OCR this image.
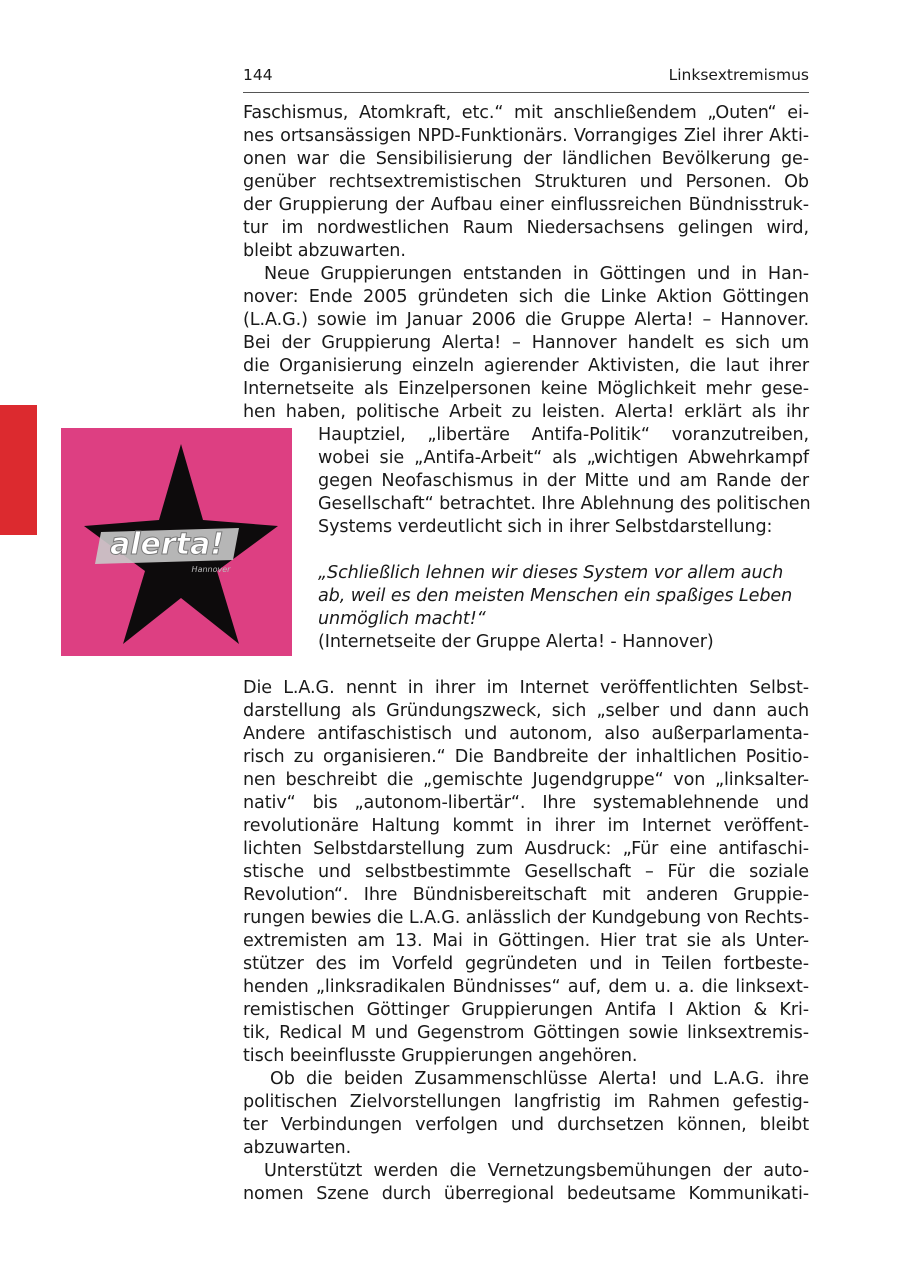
144	Linksextremismus
alerta!
Hannover
Faschismus, Atomkraft, etc.“ mit anschließendem „Outen“ ei-
nes ortsansässigen NPD-Funktionärs. Vorrangiges Ziel ihrer Akti-
onen war die Sensibilisierung der ländlichen Bevölkerung ge-
genüber rechtsextremistischen Strukturen und Personen. Ob
der Gruppierung der Aufbau einer einflussreichen Bündnisstruk-
tur im nordwestlichen Raum Niedersachsens gelingen wird,
bleibt abzuwarten.
Neue Gruppierungen entstanden in Göttingen und in Han-
nover: Ende 2005 gründeten sich die Linke Aktion Göttingen
(L.A.G.) sowie im Januar 2006 die Gruppe Alerta! – Hannover.
Bei der Gruppierung Alerta! – Hannover handelt es sich um
die Organisierung einzeln agierender Aktivisten, die laut ihrer
Internetseite als Einzelpersonen keine Möglichkeit mehr gese-
hen haben, politische Arbeit zu leisten. Alerta! erklärt als ihr
Hauptziel, „libertäre Antifa-Politik“ voranzutreiben,
wobei sie „Antifa-Arbeit“ als „wichtigen Abwehrkampf
gegen Neofaschismus in der Mitte und am Rande der
Gesellschaft“ betrachtet. Ihre Ablehnung des politischen
Systems verdeutlicht sich in ihrer Selbstdarstellung:
„Schließlich lehnen wir dieses System vor allem auch
ab, weil es den meisten Menschen ein spaßiges Leben
unmöglich macht!“
(Internetseite der Gruppe Alerta! - Hannover)
Die L.A.G. nennt in ihrer im Internet veröffentlichten Selbst-
darstellung als Gründungszweck, sich „selber und dann auch
Andere antifaschistisch und autonom, also außerparlamenta-
risch zu organisieren.“ Die Bandbreite der inhaltlichen Positio-
nen beschreibt die „gemischte Jugendgruppe“ von „linksalter-
nativ“ bis „autonom-libertär“. Ihre systemablehnende und
revolutionäre Haltung kommt in ihrer im Internet veröffent-
lichten Selbstdarstellung zum Ausdruck: „Für eine antifaschi-
stische und selbstbestimmte Gesellschaft – Für die soziale
Revolution“. Ihre Bündnisbereitschaft mit anderen Gruppie-
rungen bewies die L.A.G. anlässlich der Kundgebung von Rechts-
extremisten am 13. Mai in Göttingen. Hier trat sie als Unter-
stützer des im Vorfeld gegründeten und in Teilen fortbeste-
henden „linksradikalen Bündnisses“ auf, dem u. a. die linksext-
remistischen Göttinger Gruppierungen Antifa I Aktion & Kri-
tik, Redical M und Gegenstrom Göttingen sowie linksextremis-
tisch beeinflusste Gruppierungen angehören.
Ob die beiden Zusammenschlüsse Alerta! und L.A.G. ihre
politischen Zielvorstellungen langfristig im Rahmen gefestig-
ter Verbindungen verfolgen und durchsetzen können, bleibt
abzuwarten.
Unterstützt werden die Vernetzungsbemühungen der auto-
nomen Szene durch überregional bedeutsame Kommunikati-
